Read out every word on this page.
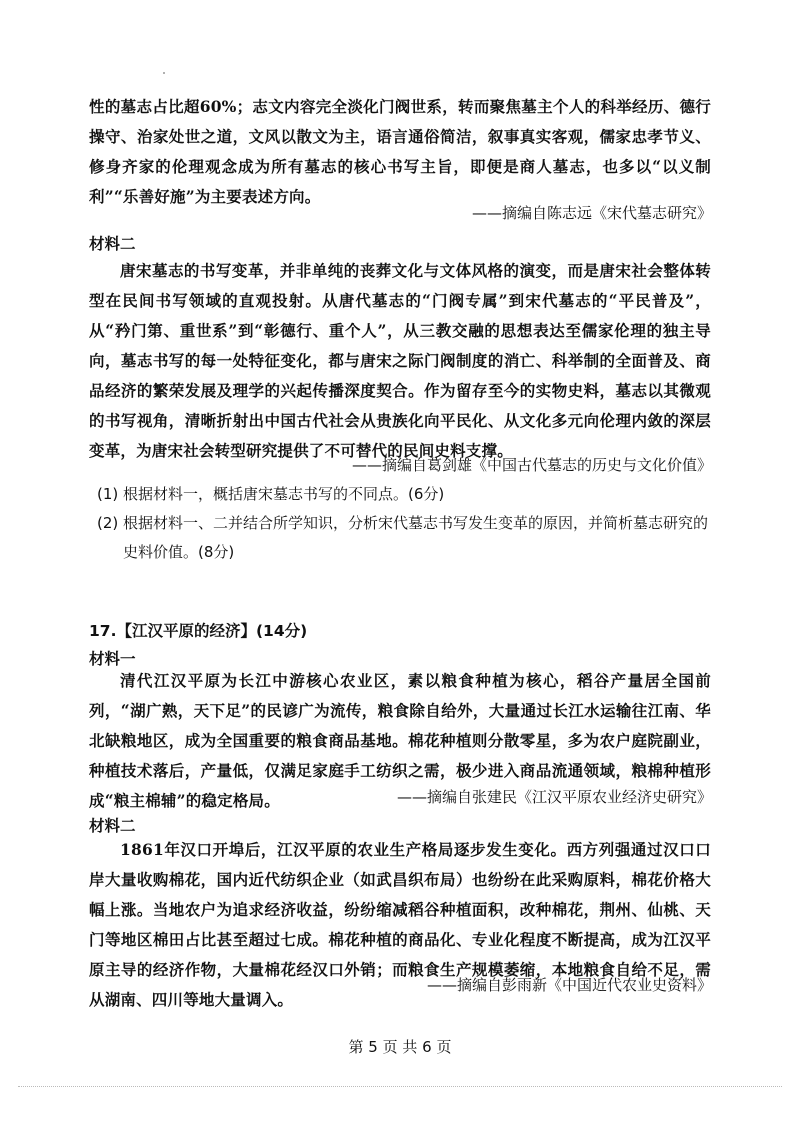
性的墓志占比超60%；志文内容完全淡化门阀世系，转而聚焦墓主个人的科举经历、德行操守、治家处世之道，文风以散文为主，语言通俗简洁，叙事真实客观，儒家忠孝节义、修身齐家的伦理观念成为所有墓志的核心书写主旨，即便是商人墓志，也多以“以义制利”“乐善好施”为主要表述方向。
——摘编自陈志远《宋代墓志研究》
材料二
唐宋墓志的书写变革，并非单纯的丧葬文化与文体风格的演变，而是唐宋社会整体转型在民间书写领域的直观投射。从唐代墓志的“门阀专属”到宋代墓志的“平民普及”，从“矜门第、重世系”到“彰德行、重个人”，从三教交融的思想表达至儒家伦理的独主导向，墓志书写的每一处特征变化，都与唐宋之际门阀制度的消亡、科举制的全面普及、商品经济的繁荣发展及理学的兴起传播深度契合。作为留存至今的实物史料，墓志以其微观的书写视角，清晰折射出中国古代社会从贵族化向平民化、从文化多元向伦理内敛的深层变革，为唐宋社会转型研究提供了不可替代的民间史料支撑。
——摘编自葛剑雄《中国古代墓志的历史与文化价值》
(1) 根据材料一，概括唐宋墓志书写的不同点。(6分)
(2) 根据材料一、二并结合所学知识，分析宋代墓志书写发生变革的原因，并简析墓志研究的
史料价值。(8分)
17.【江汉平原的经济】(14分)
材料一
清代江汉平原为长江中游核心农业区，素以粮食种植为核心，稻谷产量居全国前列，“湖广熟，天下足”的民谚广为流传，粮食除自给外，大量通过长江水运输往江南、华北缺粮地区，成为全国重要的粮食商品基地。棉花种植则分散零星，多为农户庭院副业，种植技术落后，产量低，仅满足家庭手工纺织之需，极少进入商品流通领域，粮棉种植形成“粮主棉辅”的稳定格局。	——摘编自张建民《江汉平原农业经济史研究》
材料二
1861年汉口开埠后，江汉平原的农业生产格局逐步发生变化。西方列强通过汉口口岸大量收购棉花，国内近代纺织企业（如武昌织布局）也纷纷在此采购原料，棉花价格大幅上涨。当地农户为追求经济收益，纷纷缩减稻谷种植面积，改种棉花，荆州、仙桃、天门等地区棉田占比甚至超过七成。棉花种植的商品化、专业化程度不断提高，成为江汉平原主导的经济作物，大量棉花经汉口外销；而粮食生产规模萎缩，本地粮食自给不足，需从湖南、四川等地大量调入。
——摘编自彭雨新《中国近代农业史资料》
第 5 页 共 6 页
